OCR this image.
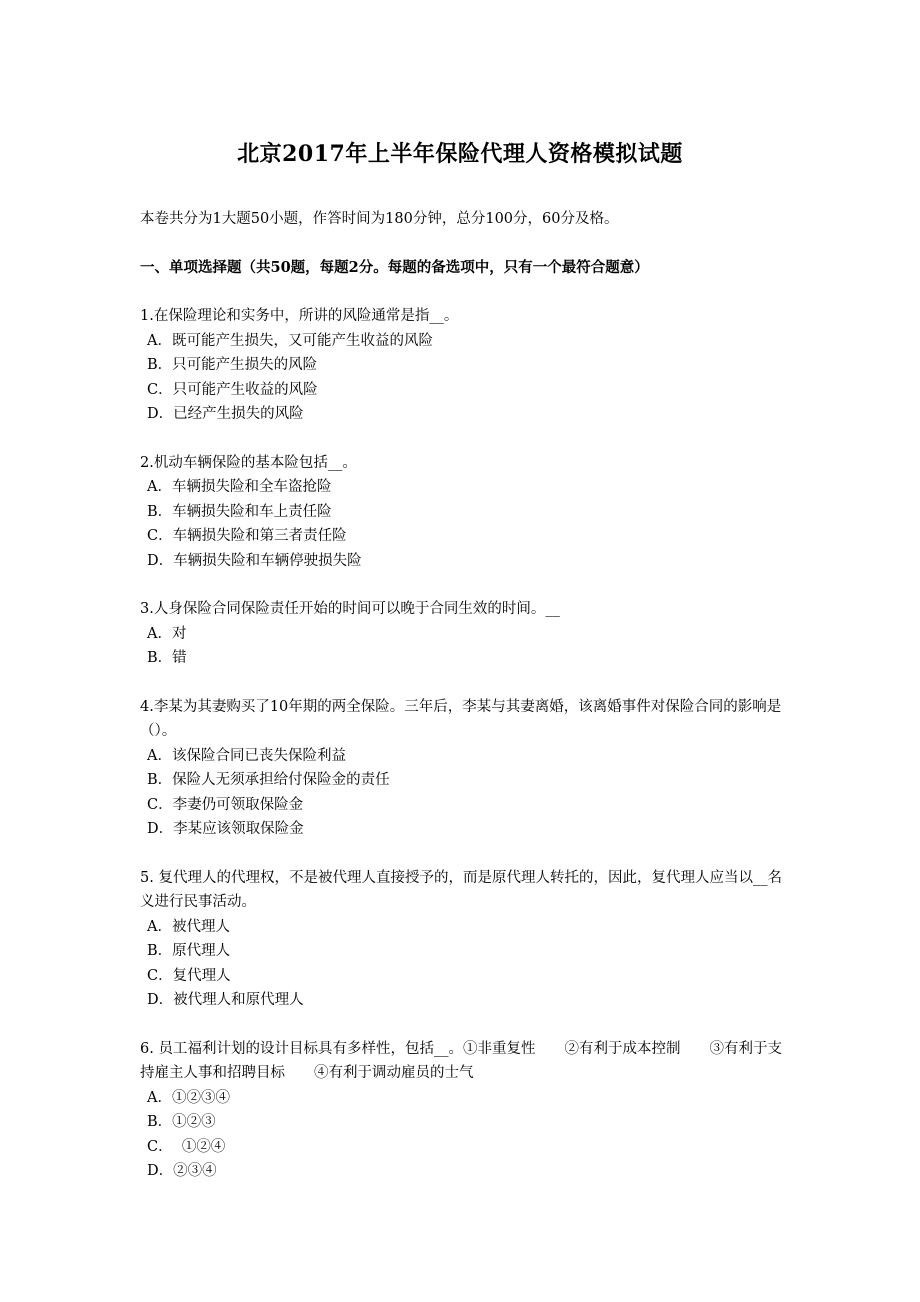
北京2017年上半年保险代理人资格模拟试题
本卷共分为1大题50小题，作答时间为180分钟，总分100分，60分及格。
一、单项选择题（共50题，每题2分。每题的备选项中，只有一个最符合题意）

1.在保险理论和实务中，所讲的风险通常是指__。

A．既可能产生损失，又可能产生收益的风险

B．只可能产生损失的风险

C．只可能产生收益的风险

D．已经产生损失的风险

2.机动车辆保险的基本险包括__。

A．车辆损失险和全车盗抢险

B．车辆损失险和车上责任险

C．车辆损失险和第三者责任险

D．车辆损失险和车辆停驶损失险

3.人身保险合同保险责任开始的时间可以晚于合同生效的时间。__

A．对

B．错

4.李某为其妻购买了10年期的两全保险。三年后，李某与其妻离婚，该离婚事件对保险合同的影响是（）。

A．该保险合同已丧失保险利益

B．保险人无须承担给付保险金的责任

C．李妻仍可领取保险金

D．李某应该领取保险金

5. 复代理人的代理权，不是被代理人直接授予的，而是原代理人转托的，因此，复代理人应当以__名义进行民事活动。

A．被代理人

B．原代理人

C．复代理人

D．被代理人和原代理人

6. 员工福利计划的设计目标具有多样性，包括__。①非重复性　　②有利于成本控制　　③有利于支持雇主人事和招聘目标　　④有利于调动雇员的士气

A．①②③④

B．①②③

C．  ①②④

D．②③④
